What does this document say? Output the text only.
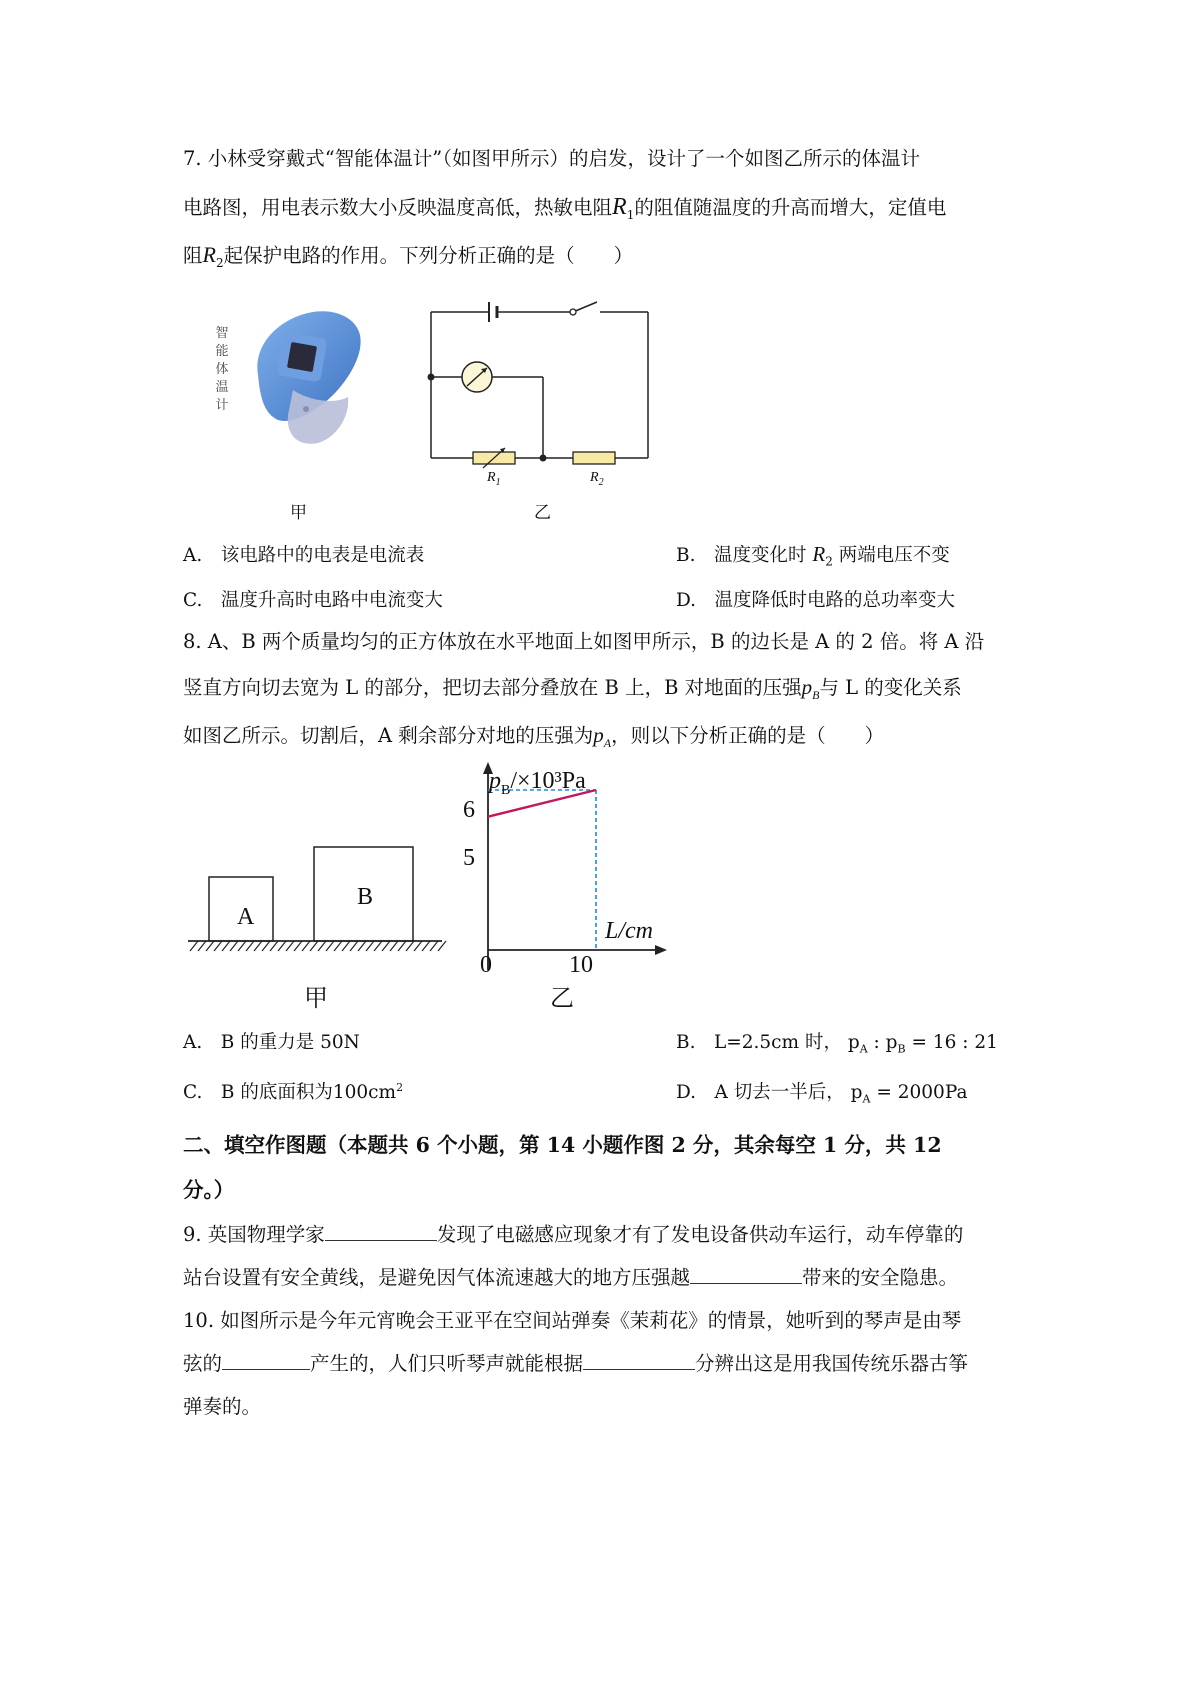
7. 小林受穿戴式“智能体温计”（如图甲所示）的启发，设计了一个如图乙所示的体温计
电路图，用电表示数大小反映温度高低，热敏电阻$R_1$的阻值随温度的升高而增大，定值电
阻$R_2$起保护电路的作用。下列分析正确的是（　　）
智能体温计
甲
$R_1$	$R_2$
乙
A.　该电路中的电表是电流表	B.　温度变化时 $R_2$ 两端电压不变
C.　温度升高时电路中电流变大	D.　温度降低时电路的总功率变大
8. A、B 两个质量均匀的正方体放在水平地面上如图甲所示，B 的边长是 A 的 2 倍。将 A 沿
竖直方向切去宽为 L 的部分，把切去部分叠放在 B 上，B 对地面的压强$p_B$与 L 的变化关系
如图乙所示。切割后，A 剩余部分对地的压强为$p_A$，则以下分析正确的是（　　）
A
B
甲
$p_B/\times 10^3Pa$
L/cm
0	10
5
6
乙
A.　B 的重力是 50N	B.　L=2.5cm 时， $p_A$ : $p_B = 16$ : 21
C.　B 的底面积为$100cm^2$	D.　A 切去一半后， $p_A = 2000Pa$
二、填空作图题（本题共 6 个小题，第 14 小题作图 2 分，其余每空 1 分，共 12
分。）
9. 英国物理学家	发现了电磁感应现象才有了发电设备供动车运行，动车停靠的
站台设置有安全黄线，是避免因气体流速越大的地方压强越	带来的安全隐患。
10. 如图所示是今年元宵晚会王亚平在空间站弹奏《茉莉花》的情景，她听到的琴声是由琴
弦的	产生的，人们只听琴声就能根据	分辨出这是用我国传统乐器古筝
弹奏的。
